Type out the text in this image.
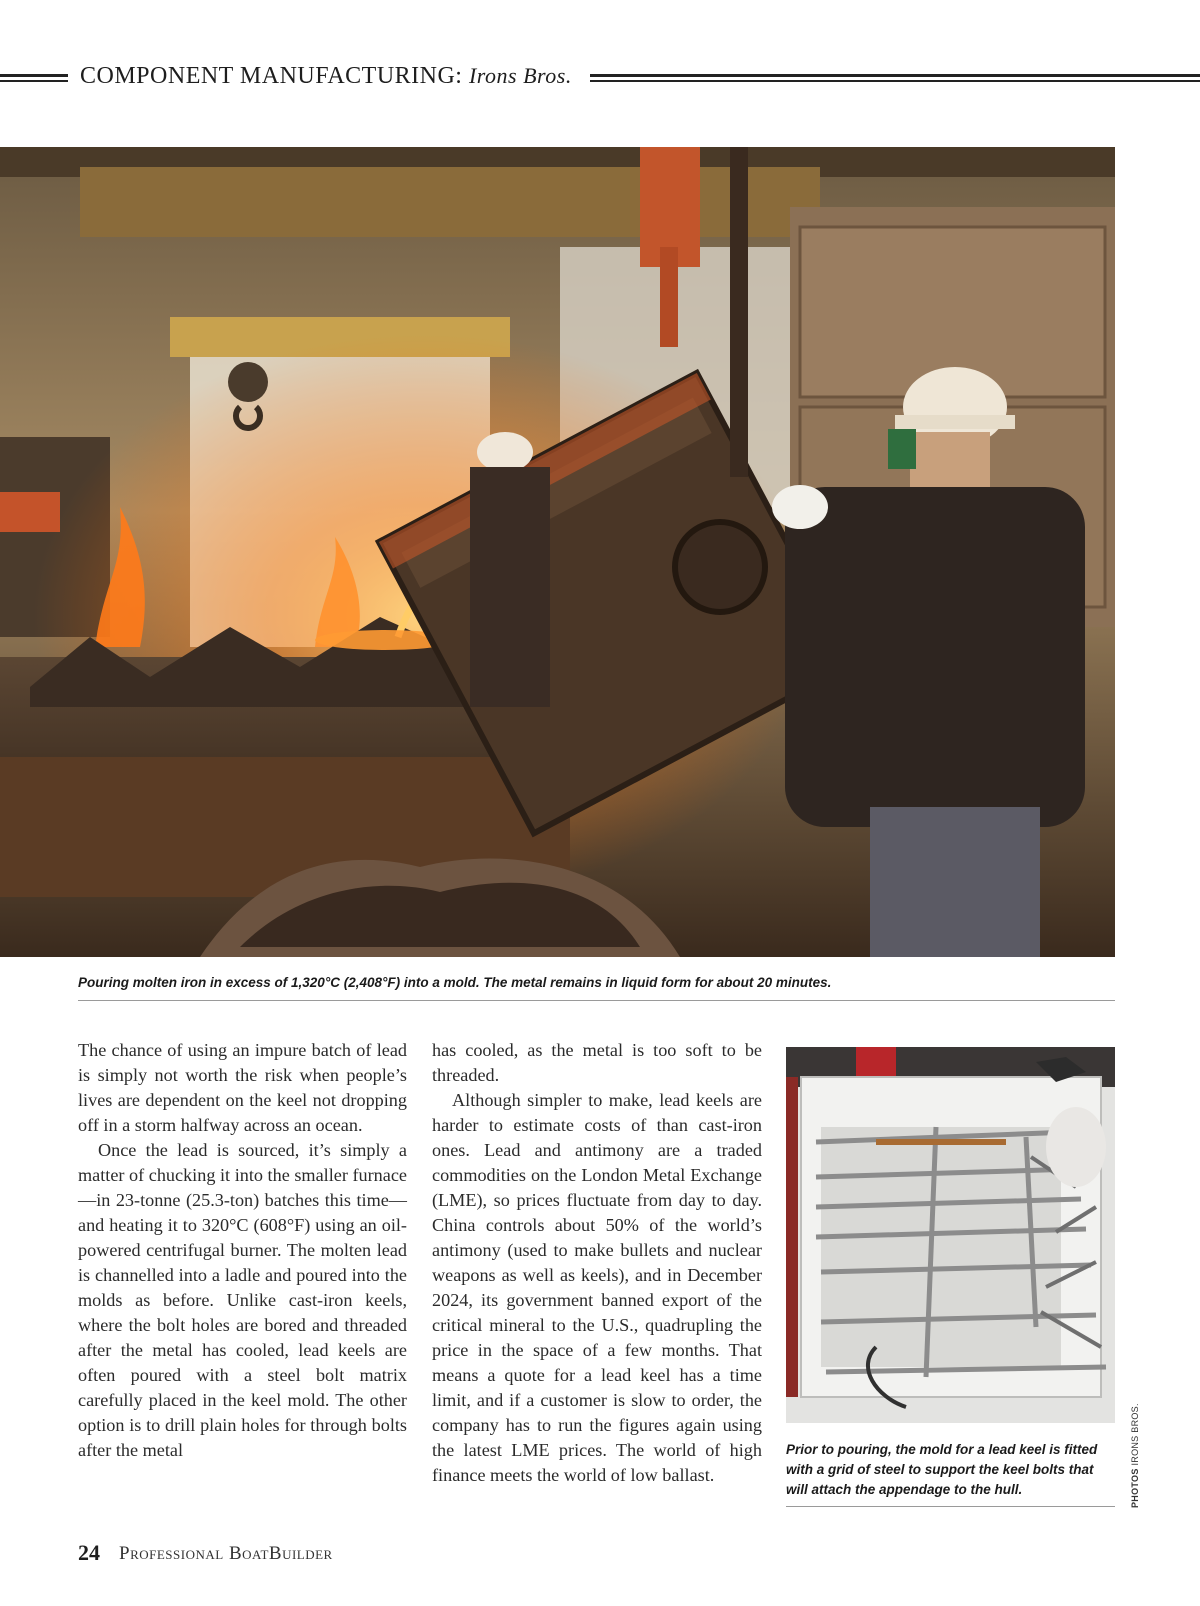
COMPONENT MANUFACTURING: Irons Bros.
Pouring molten iron in excess of 1,320°C (2,408°F) into a mold. The metal remains in liquid form for about 20 minutes.

The chance of using an impure batch of lead is simply not worth the risk when people’s lives are dependent on the keel not dropping off in a storm halfway across an ocean.

Once the lead is sourced, it’s simply a matter of chucking it into the smaller furnace—in 23-tonne (25.3-ton) batches this time—and heating it to 320°C (608°F) using an oil-powered centrifugal burner. The molten lead is channelled into a ladle and poured into the molds as before. Unlike cast-iron keels, where the bolt holes are bored and threaded after the metal has cooled, lead keels are often poured with a steel bolt matrix carefully placed in the keel mold. The other option is to drill plain holes for through bolts after the metal

has cooled, as the metal is too soft to be threaded.

Although simpler to make, lead keels are harder to estimate costs of than cast-iron ones. Lead and antimony are a traded commodities on the London Metal Exchange (LME), so prices fluctuate from day to day. China controls about 50% of the world’s antimony (used to make bullets and nuclear weapons as well as keels), and in December 2024, its government banned export of the critical mineral to the U.S., quadrupling the price in the space of a few months. That means a quote for a lead keel has a time limit, and if a customer is slow to order, the company has to run the figures again using the latest LME prices. The world of high finance meets the world of low ballast.

Prior to pouring, the mold for a lead keel is fitted with a grid of steel to support the keel bolts that will attach the appendage to the hull.	PHOTOS IRONS BROS.
24 Professional BoatBuilder
